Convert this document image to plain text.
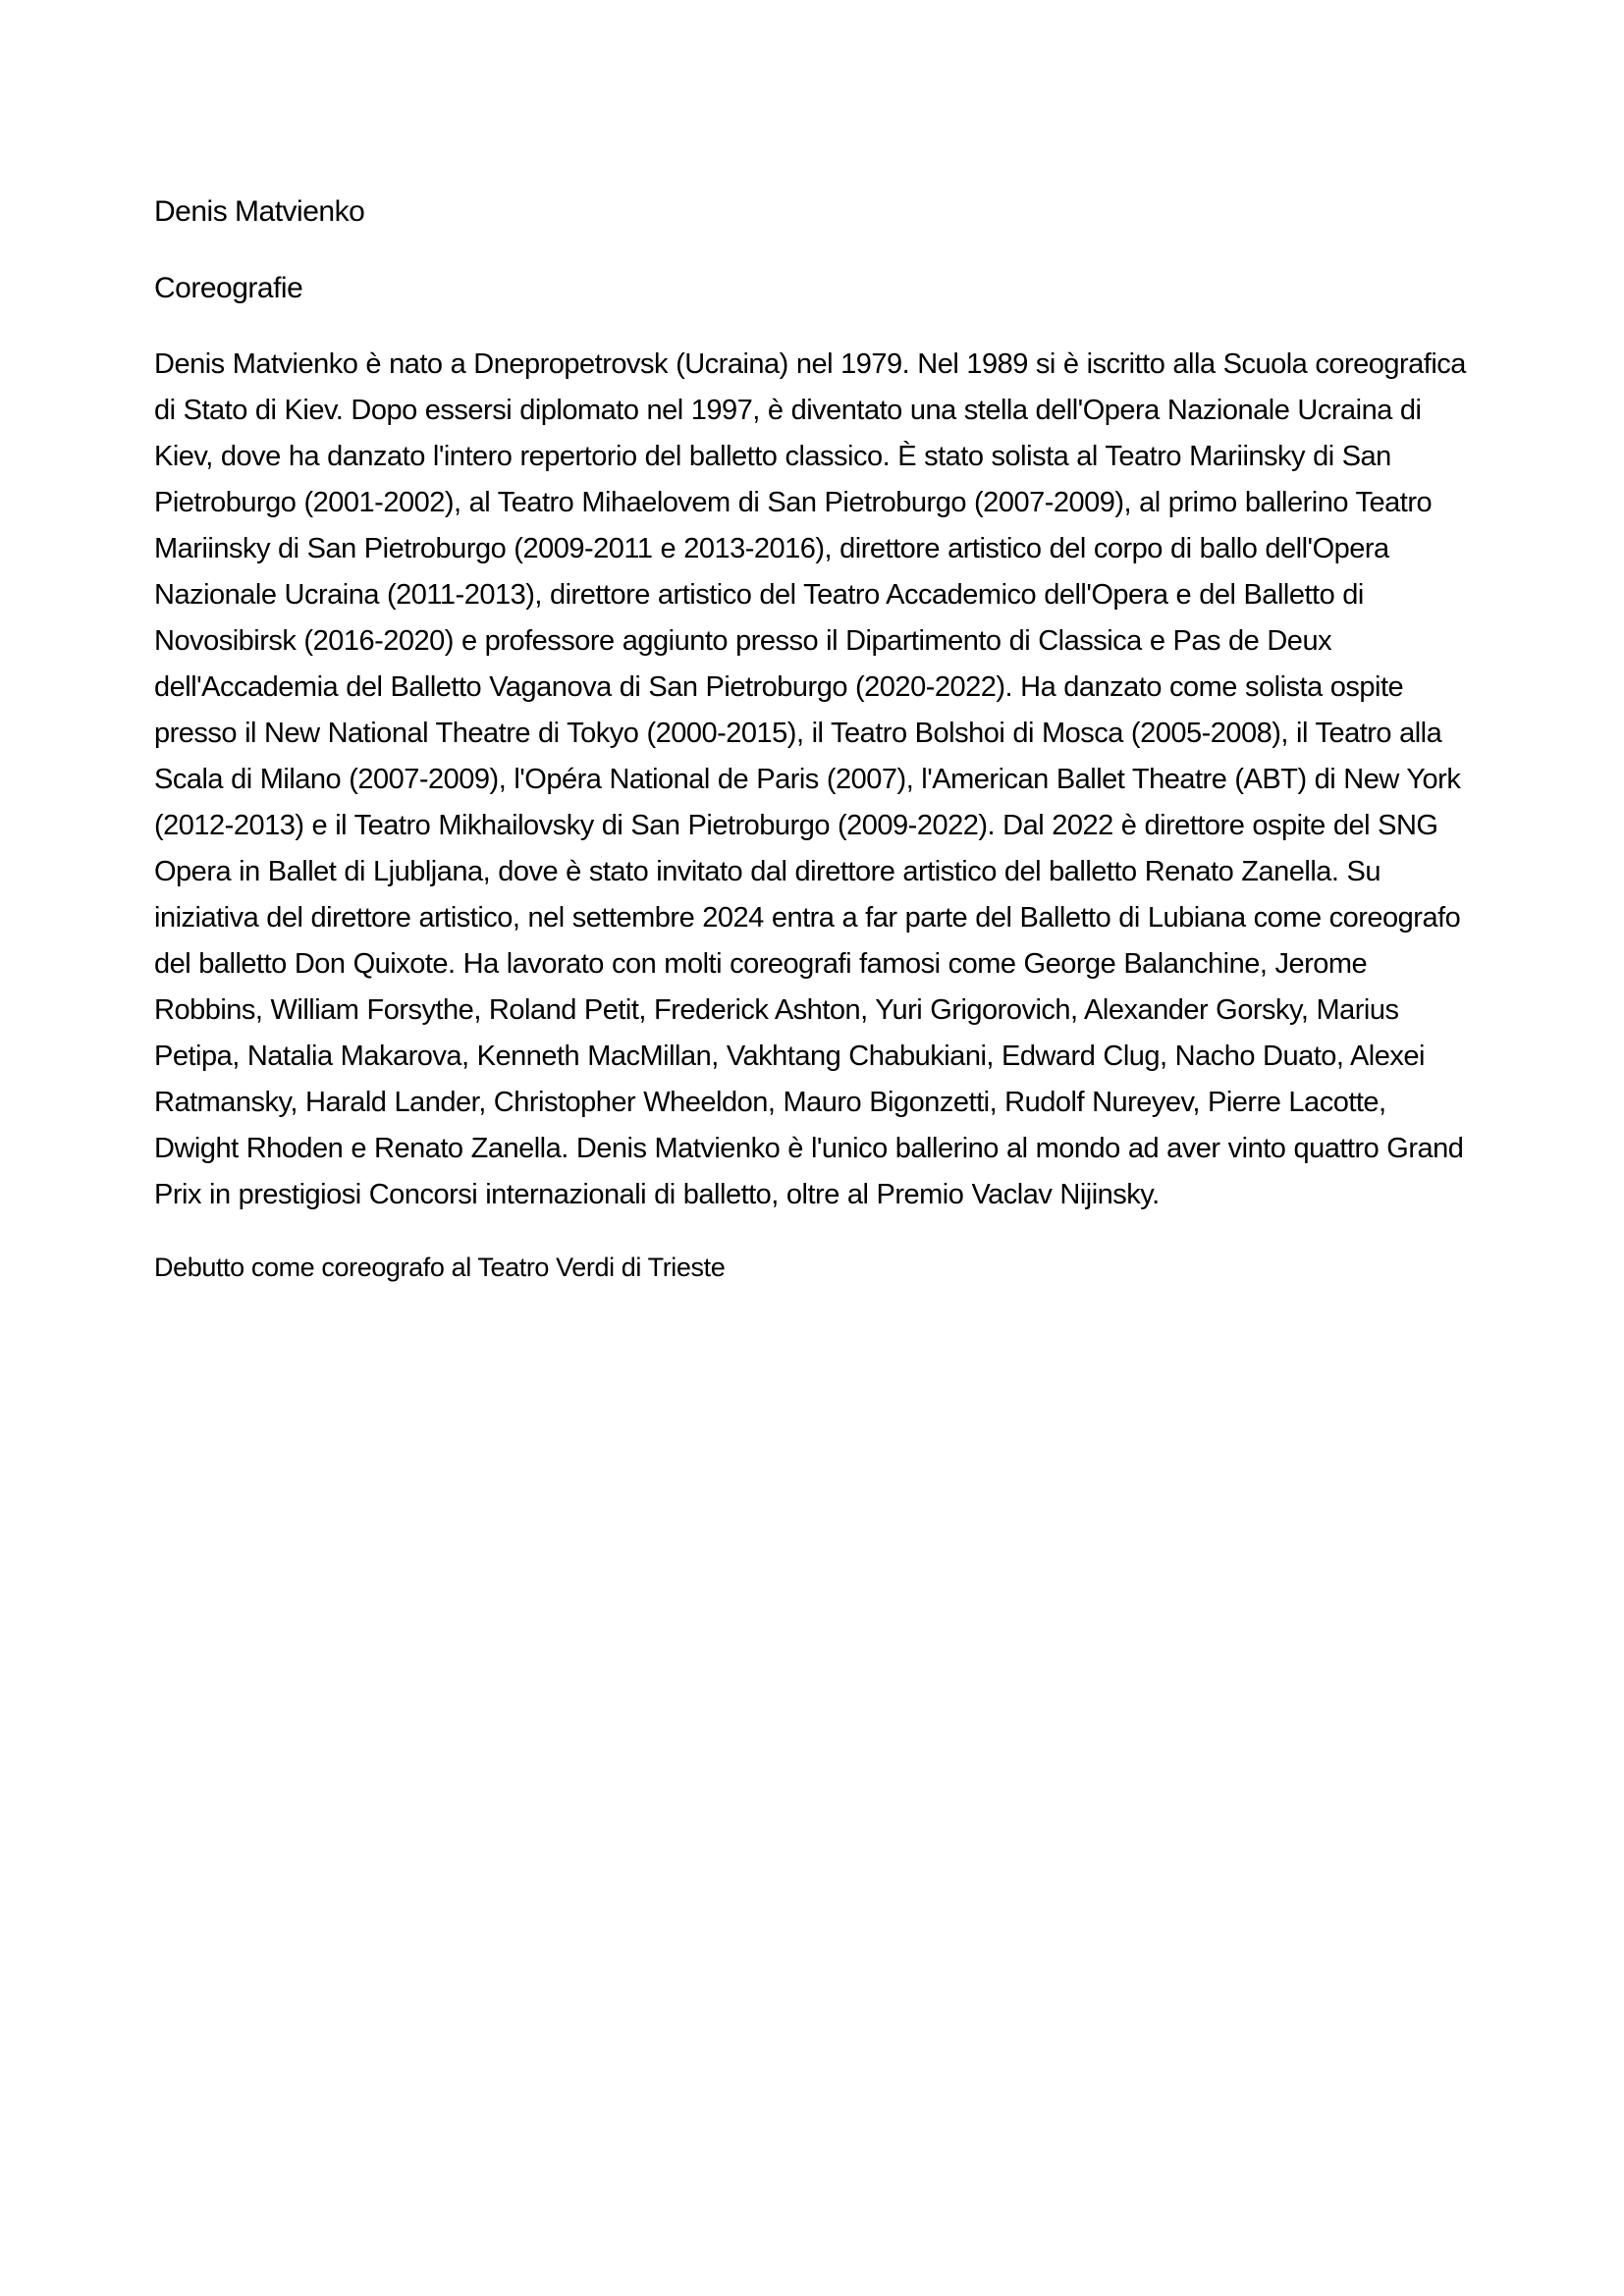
Denis Matvienko

Coreografie

Denis Matvienko è nato a Dnepropetrovsk (Ucraina) nel 1979. Nel 1989 si è iscritto alla Scuola coreografica di Stato di Kiev. Dopo essersi diplomato nel 1997, è diventato una stella dell'Opera Nazionale Ucraina di Kiev, dove ha danzato l'intero repertorio del balletto classico. È stato solista al Teatro Mariinsky di San Pietroburgo (2001-2002), al Teatro Mihaelovem di San Pietroburgo (2007-2009), al primo ballerino Teatro Mariinsky di San Pietroburgo (2009-2011 e 2013-2016), direttore artistico del corpo di ballo dell'Opera Nazionale Ucraina (2011-2013), direttore artistico del Teatro Accademico dell'Opera e del Balletto di Novosibirsk (2016-2020) e professore aggiunto presso il Dipartimento di Classica e Pas de Deux dell'Accademia del Balletto Vaganova di San Pietroburgo (2020-2022). Ha danzato come solista ospite presso il New National Theatre di Tokyo (2000-2015), il Teatro Bolshoi di Mosca (2005-2008), il Teatro alla Scala di Milano (2007-2009), l'Opéra National de Paris (2007), l'American Ballet Theatre (ABT) di New York (2012-2013) e il Teatro Mikhailovsky di San Pietroburgo (2009-2022). Dal 2022 è direttore ospite del SNG Opera in Ballet di Ljubljana, dove è stato invitato dal direttore artistico del balletto Renato Zanella. Su iniziativa del direttore artistico, nel settembre 2024 entra a far parte del Balletto di Lubiana come coreografo del balletto Don Quixote. Ha lavorato con molti coreografi famosi come George Balanchine, Jerome Robbins, William Forsythe, Roland Petit, Frederick Ashton, Yuri Grigorovich, Alexander Gorsky, Marius Petipa, Natalia Makarova, Kenneth MacMillan, Vakhtang Chabukiani, Edward Clug, Nacho Duato, Alexei Ratmansky, Harald Lander, Christopher Wheeldon, Mauro Bigonzetti, Rudolf Nureyev, Pierre Lacotte, Dwight Rhoden e Renato Zanella. Denis Matvienko è l'unico ballerino al mondo ad aver vinto quattro Grand Prix in prestigiosi Concorsi internazionali di balletto, oltre al Premio Vaclav Nijinsky.

Debutto come coreografo al Teatro Verdi di Trieste
